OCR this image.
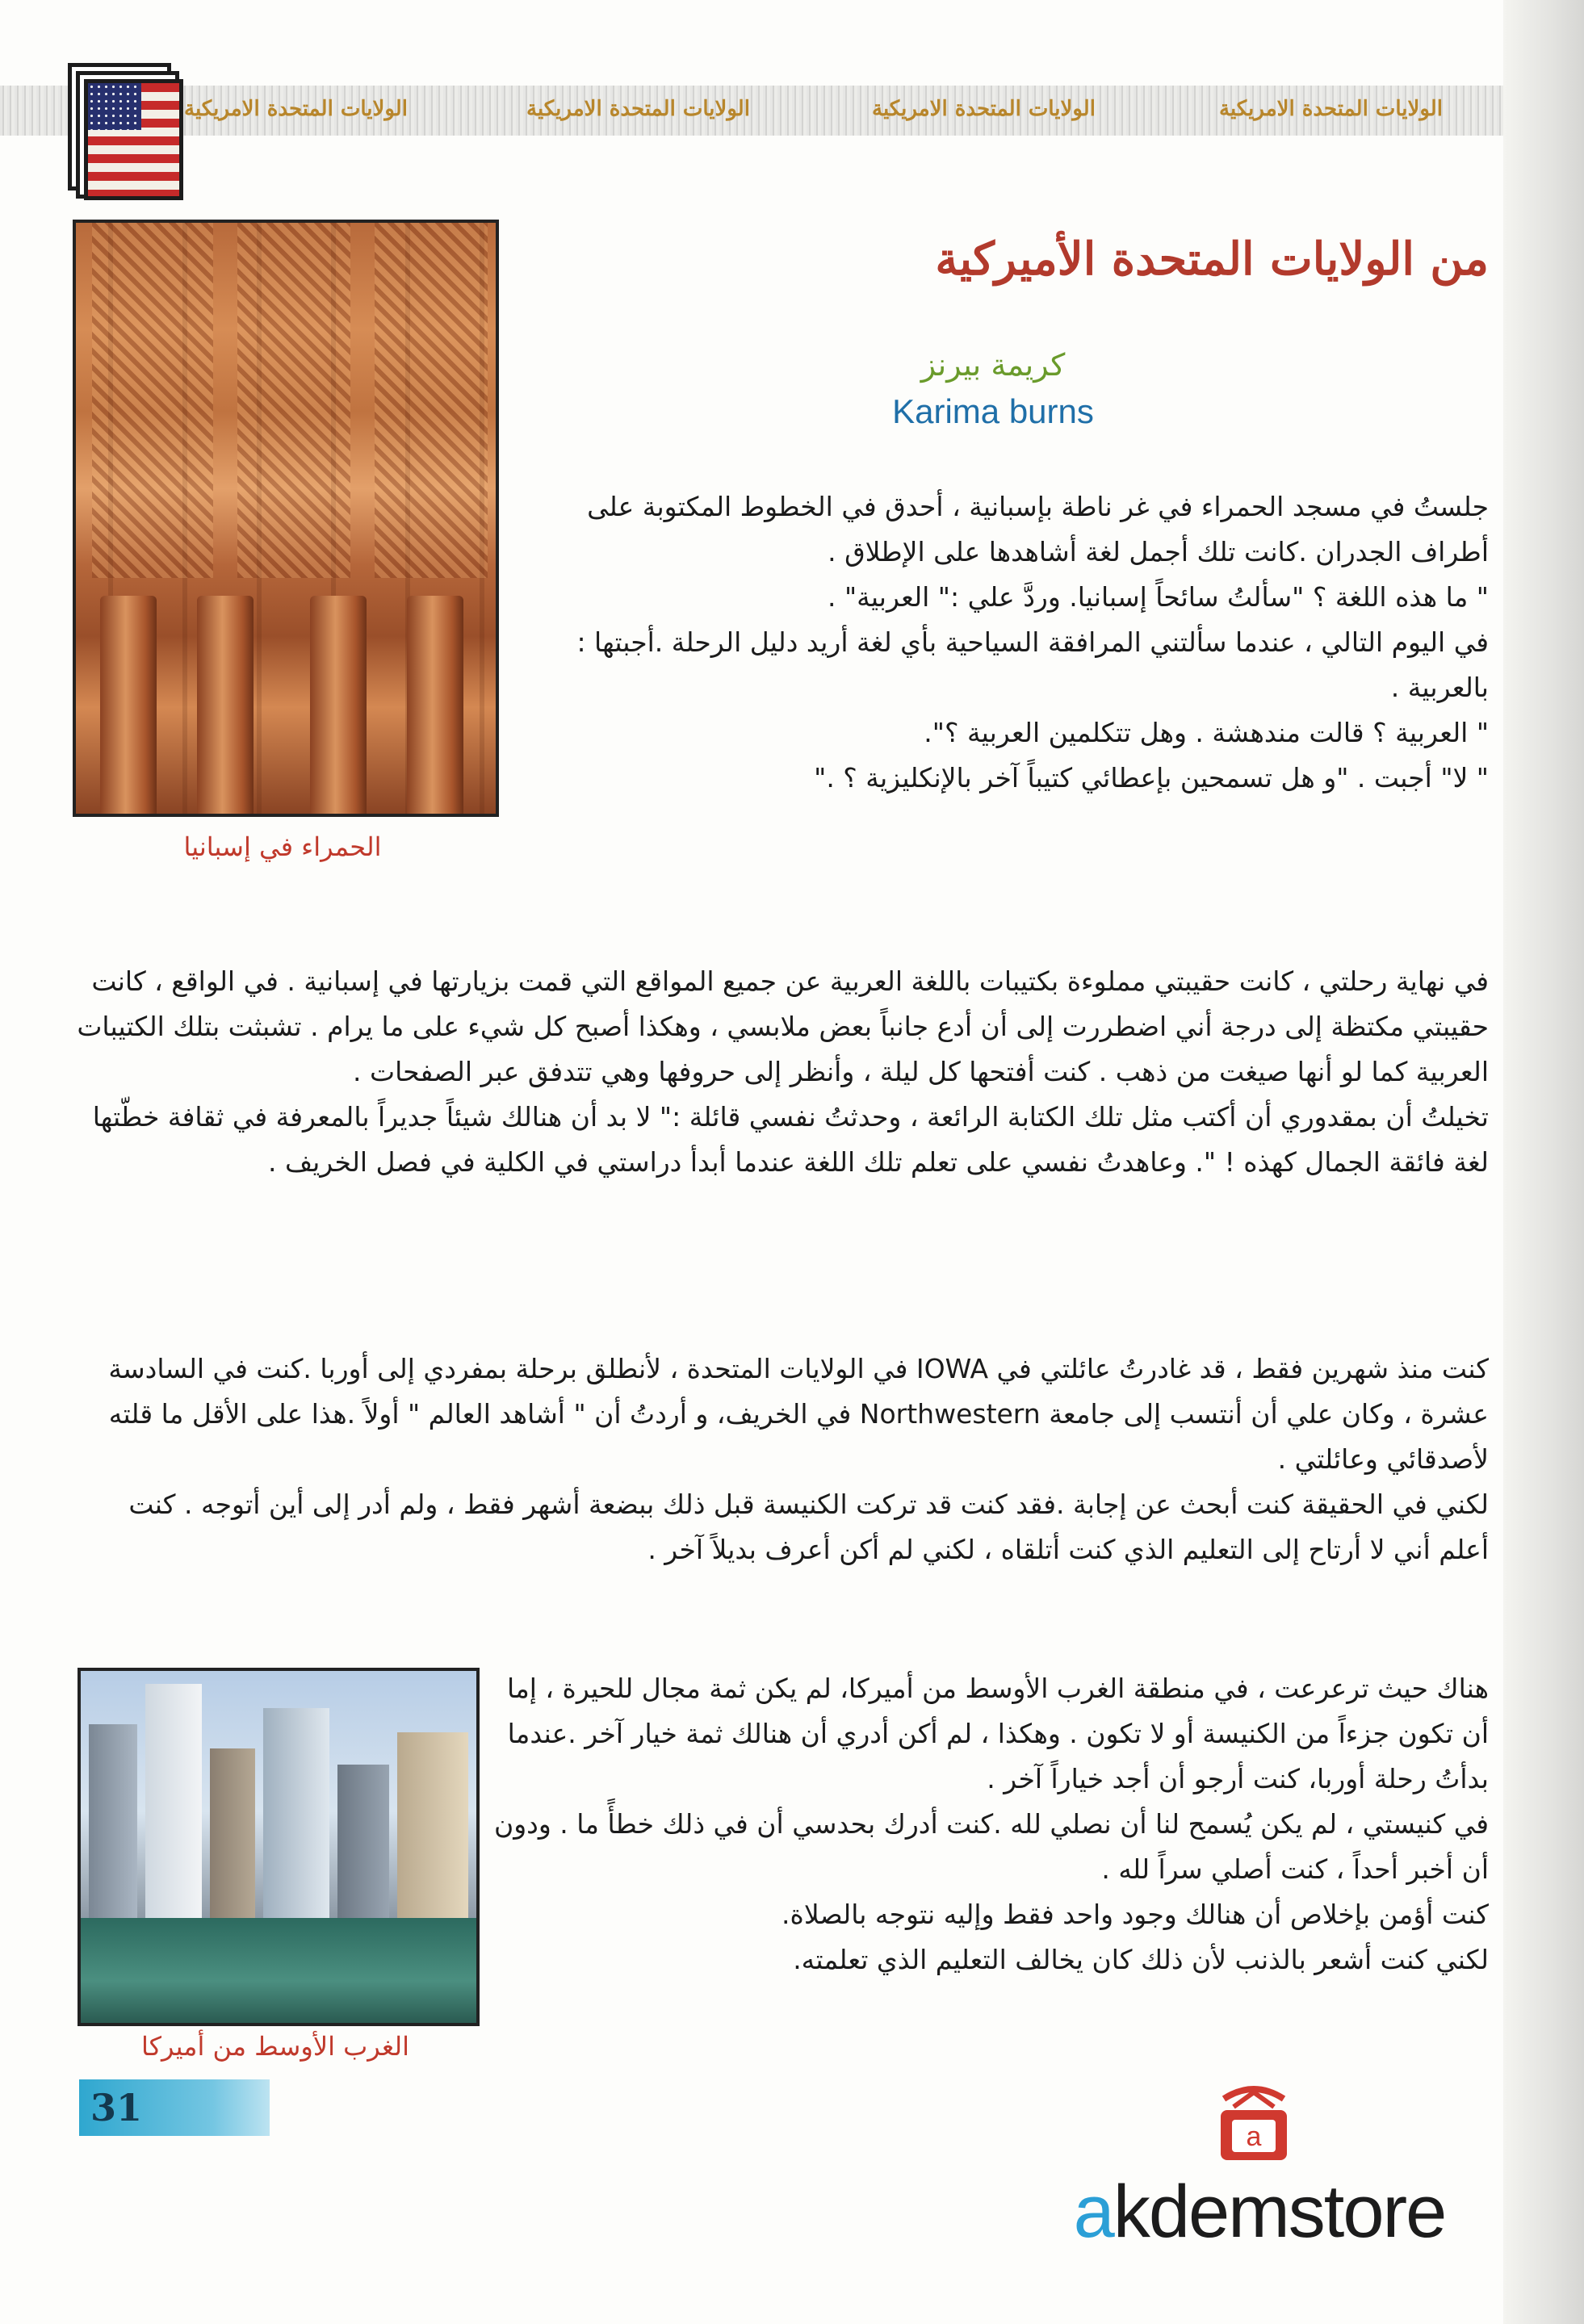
الولايات المتحدة الامريكية
الولايات المتحدة الامريكية
الولايات المتحدة الامريكية
الولايات المتحدة الامريكية
الحمراء في إسبانيا
من الولايات المتحدة الأميركية
كريمة بيرنز
Karima burns

جلستُ في مسجد الحمراء في غر ناطة بإسبانية ، أحدق في الخطوط المكتوبة على أطراف الجدران .كانت تلك أجمل لغة أشاهدها على الإطلاق .

" ما هذه اللغة ؟ "سألتُ سائحاً إسبانيا. وردَّ علي :" العربية" .

في اليوم التالي ، عندما سألتني المرافقة السياحية بأي لغة أريد دليل الرحلة .أجبتها : بالعربية .

" العربية ؟ قالت مندهشة . وهل تتكلمين العربية ؟".

" لا" أجبت . "و هل تسمحين بإعطائي كتيباً آخر بالإنكليزية ؟ ."

في نهاية رحلتي ، كانت حقيبتي مملوءة بكتيبات باللغة العربية عن جميع المواقع التي قمت بزيارتها في إسبانية . في الواقع ، كانت حقيبتي مكتظة إلى درجة أني اضطررت إلى أن أدع جانباً بعض ملابسي ، وهكذا أصبح كل شيء على ما يرام . تشبثت بتلك الكتيبات العربية كما لو أنها صيغت من ذهب . كنت أفتحها كل ليلة ، وأنظر إلى حروفها وهي تتدفق عبر الصفحات .

تخيلتُ أن بمقدوري أن أكتب مثل تلك الكتابة الرائعة ، وحدثتُ نفسي قائلة :" لا بد أن هنالك شيئاً جديراً بالمعرفة في ثقافة خطّتها لغة فائقة الجمال كهذه ! ". وعاهدتُ نفسي على تعلم تلك اللغة عندما أبدأ دراستي في الكلية في فصل الخريف .

كنت منذ شهرين فقط ، قد غادرتُ عائلتي في IOWA في الولايات المتحدة ، لأنطلق برحلة بمفردي إلى أوربا .كنت في السادسة عشرة ، وكان علي أن أنتسب إلى جامعة Northwestern في الخريف، و أردتُ أن " أشاهد العالم " أولاً .هذا على الأقل ما قلته لأصدقائي وعائلتي .

لكني في الحقيقة كنت أبحث عن إجابة .فقد كنت قد تركت الكنيسة قبل ذلك ببضعة أشهر فقط ، ولم أدر إلى أين أتوجه . كنت أعلم أني لا أرتاح إلى التعليم الذي كنت أتلقاه ، لكني لم أكن أعرف بديلاً آخر .

الغرب الأوسط من أميركا

هناك حيث ترعرعت ، في منطقة الغرب الأوسط من أميركا، لم يكن ثمة مجال للحيرة ، إما أن تكون جزءاً من الكنيسة أو لا تكون . وهكذا ، لم أكن أدري أن هنالك ثمة خيار آخر .عندما بدأتُ رحلة أوربا، كنت أرجو أن أجد خياراً آخر .

في كنيستي ، لم يكن يُسمح لنا أن نصلي لله .كنت أدرك بحدسي أن في ذلك خطأً ما . ودون أن أخبر أحداً ، كنت أصلي سراً لله .

كنت أؤمن بإخلاص أن هنالك وجود واحد فقط وإليه نتوجه بالصلاة.

لكني كنت أشعر بالذنب لأن ذلك كان يخالف التعليم الذي تعلمته.

31
a
akdemstore
